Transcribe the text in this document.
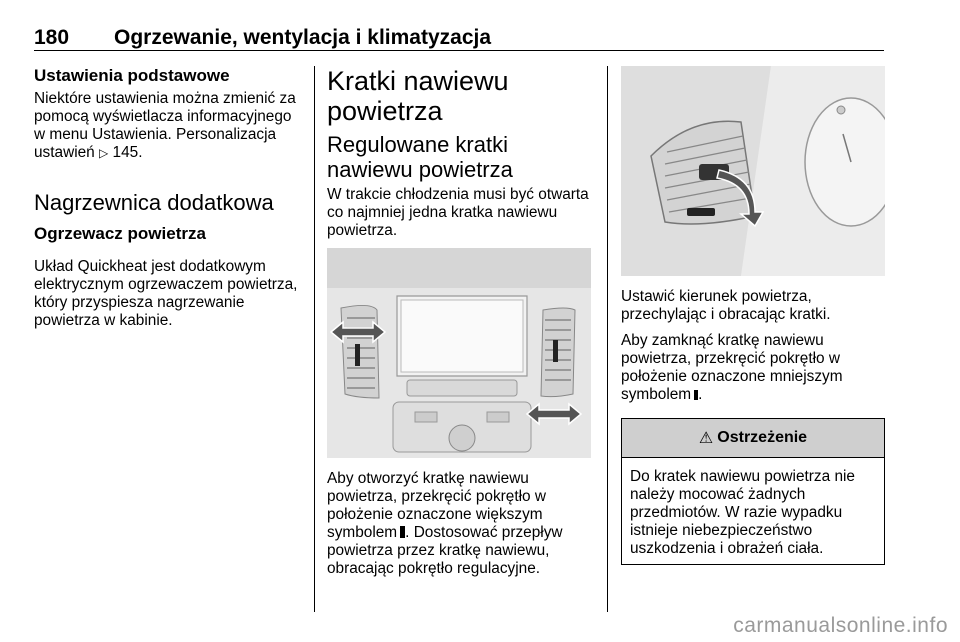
180 Ogrzewanie, wentylacja i klimatyzacja
Ustawienia podstawowe

Niektóre ustawienia można zmienić za pomocą wyświetlacza informacyjnego w menu Ustawienia. Personalizacja ustawień ▷ 145.

Nagrzewnica dodatkowa
Ogrzewacz powietrza

Układ Quickheat jest dodatkowym elektrycznym ogrzewaczem powietrza, który przyspiesza nagrzewanie powietrza w kabinie.

Kratki nawiewu powietrza
Regulowane kratki nawiewu powietrza

W trakcie chłodzenia musi być otwarta co najmniej jedna kratka nawiewu powietrza.

Aby otworzyć kratkę nawiewu powietrza, przekręcić pokrętło w położenie oznaczone większym symbolem . Dostosować przepływ powietrza przez kratkę nawiewu, obracając pokrętło regulacyjne.

Ustawić kierunek powietrza, przechylając i obracając kratki.

Aby zamknąć kratkę nawiewu powietrza, przekręcić pokrętło w położenie oznaczone mniejszym symbolem .

⚠ Ostrzeżenie

Do kratek nawiewu powietrza nie należy mocować żadnych przedmiotów. W razie wypadku istnieje niebezpieczeństwo uszkodzenia i obrażeń ciała.

carmanualsonline.info
